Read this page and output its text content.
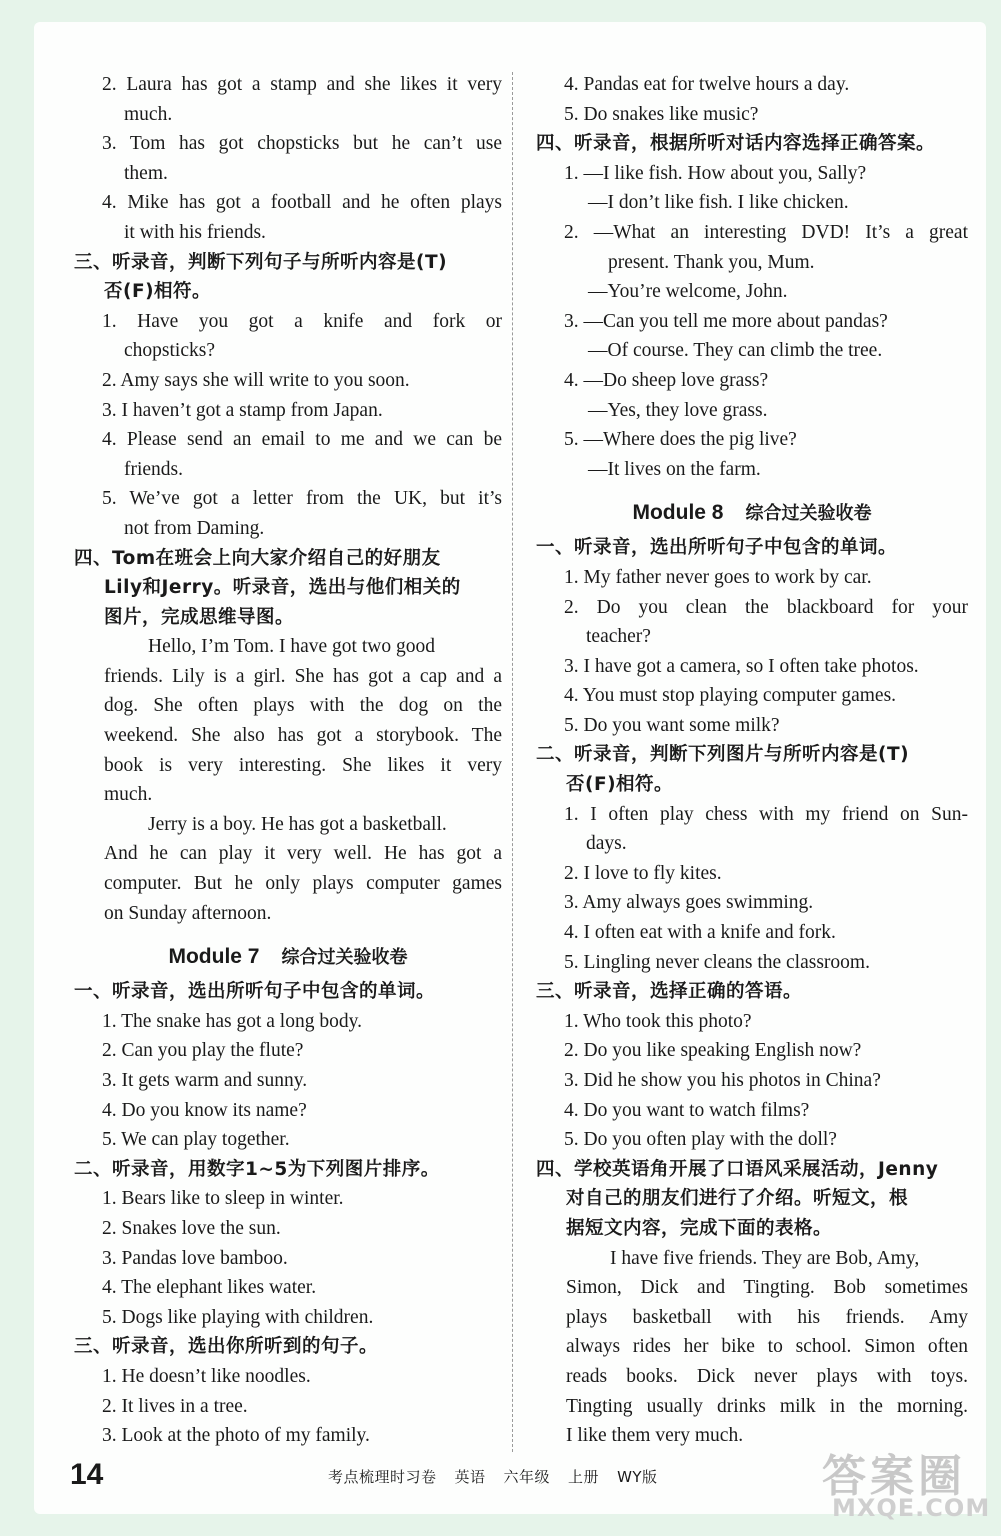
2. Laura has got a stamp and she likes it very

much.

3. Tom has got chopsticks but he can’t use

them.

4. Mike has got a football and he often plays

it with his friends.

三、听录音，判断下列句子与所听内容是(T)

否(F)相符。

1. Have you got a knife and fork or

chopsticks?

2. Amy says she will write to you soon.

3. I haven’t got a stamp from Japan.

4. Please send an email to me and we can be

friends.

5. We’ve got a letter from the UK, but it’s

not from Daming.

四、Tom在班会上向大家介绍自己的好朋友

Lily和Jerry。听录音，选出与他们相关的

图片，完成思维导图。

Hello, I’m Tom. I have got two good

friends. Lily is a girl. She has got a cap and a

dog. She often plays with the dog on the

weekend. She also has got a storybook. The

book is very interesting. She likes it very

much.

Jerry is a boy. He has got a basketball.

And he can play it very well. He has got a

computer. But he only plays computer games

on Sunday afternoon.

Module 7 综合过关验收卷

一、听录音，选出所听句子中包含的单词。

1. The snake has got a long body.

2. Can you play the flute?

3. It gets warm and sunny.

4. Do you know its name?

5. We can play together.

二、听录音，用数字1~5为下列图片排序。

1. Bears like to sleep in winter.

2. Snakes love the sun.

3. Pandas love bamboo.

4. The elephant likes water.

5. Dogs like playing with children.

三、听录音，选出你所听到的句子。

1. He doesn’t like noodles.

2. It lives in a tree.

3. Look at the photo of my family.

4. Pandas eat for twelve hours a day.

5. Do snakes like music?

四、听录音，根据所听对话内容选择正确答案。

1. —I like fish. How about you, Sally?

—I don’t like fish. I like chicken.

2. —What an interesting DVD! It’s a great

present. Thank you, Mum.

—You’re welcome, John.

3. —Can you tell me more about pandas?

—Of course. They can climb the tree.

4. —Do sheep love grass?

—Yes, they love grass.

5. —Where does the pig live?

—It lives on the farm.

Module 8 综合过关验收卷

一、听录音，选出所听句子中包含的单词。

1. My father never goes to work by car.

2. Do you clean the blackboard for your

teacher?

3. I have got a camera, so I often take photos.

4. You must stop playing computer games.

5. Do you want some milk?

二、听录音，判断下列图片与所听内容是(T)

否(F)相符。

1. I often play chess with my friend on Sun-

days.

2. I love to fly kites.

3. Amy always goes swimming.

4. I often eat with a knife and fork.

5. Lingling never cleans the classroom.

三、听录音，选择正确的答语。

1. Who took this photo?

2. Do you like speaking English now?

3. Did he show you his photos in China?

4. Do you want to watch films?

5. Do you often play with the doll?

四、学校英语角开展了口语风采展活动，Jenny

对自己的朋友们进行了介绍。听短文，根

据短文内容，完成下面的表格。

I have five friends. They are Bob, Amy,

Simon, Dick and Tingting. Bob sometimes

plays basketball with his friends. Amy

always rides her bike to school. Simon often

reads books. Dick never plays with toys.

Tingting usually drinks milk in the morning.

I like them very much.

14	考点梳理时习卷 英语 六年级 上册 WY版	答案圈
MXQE.COM
